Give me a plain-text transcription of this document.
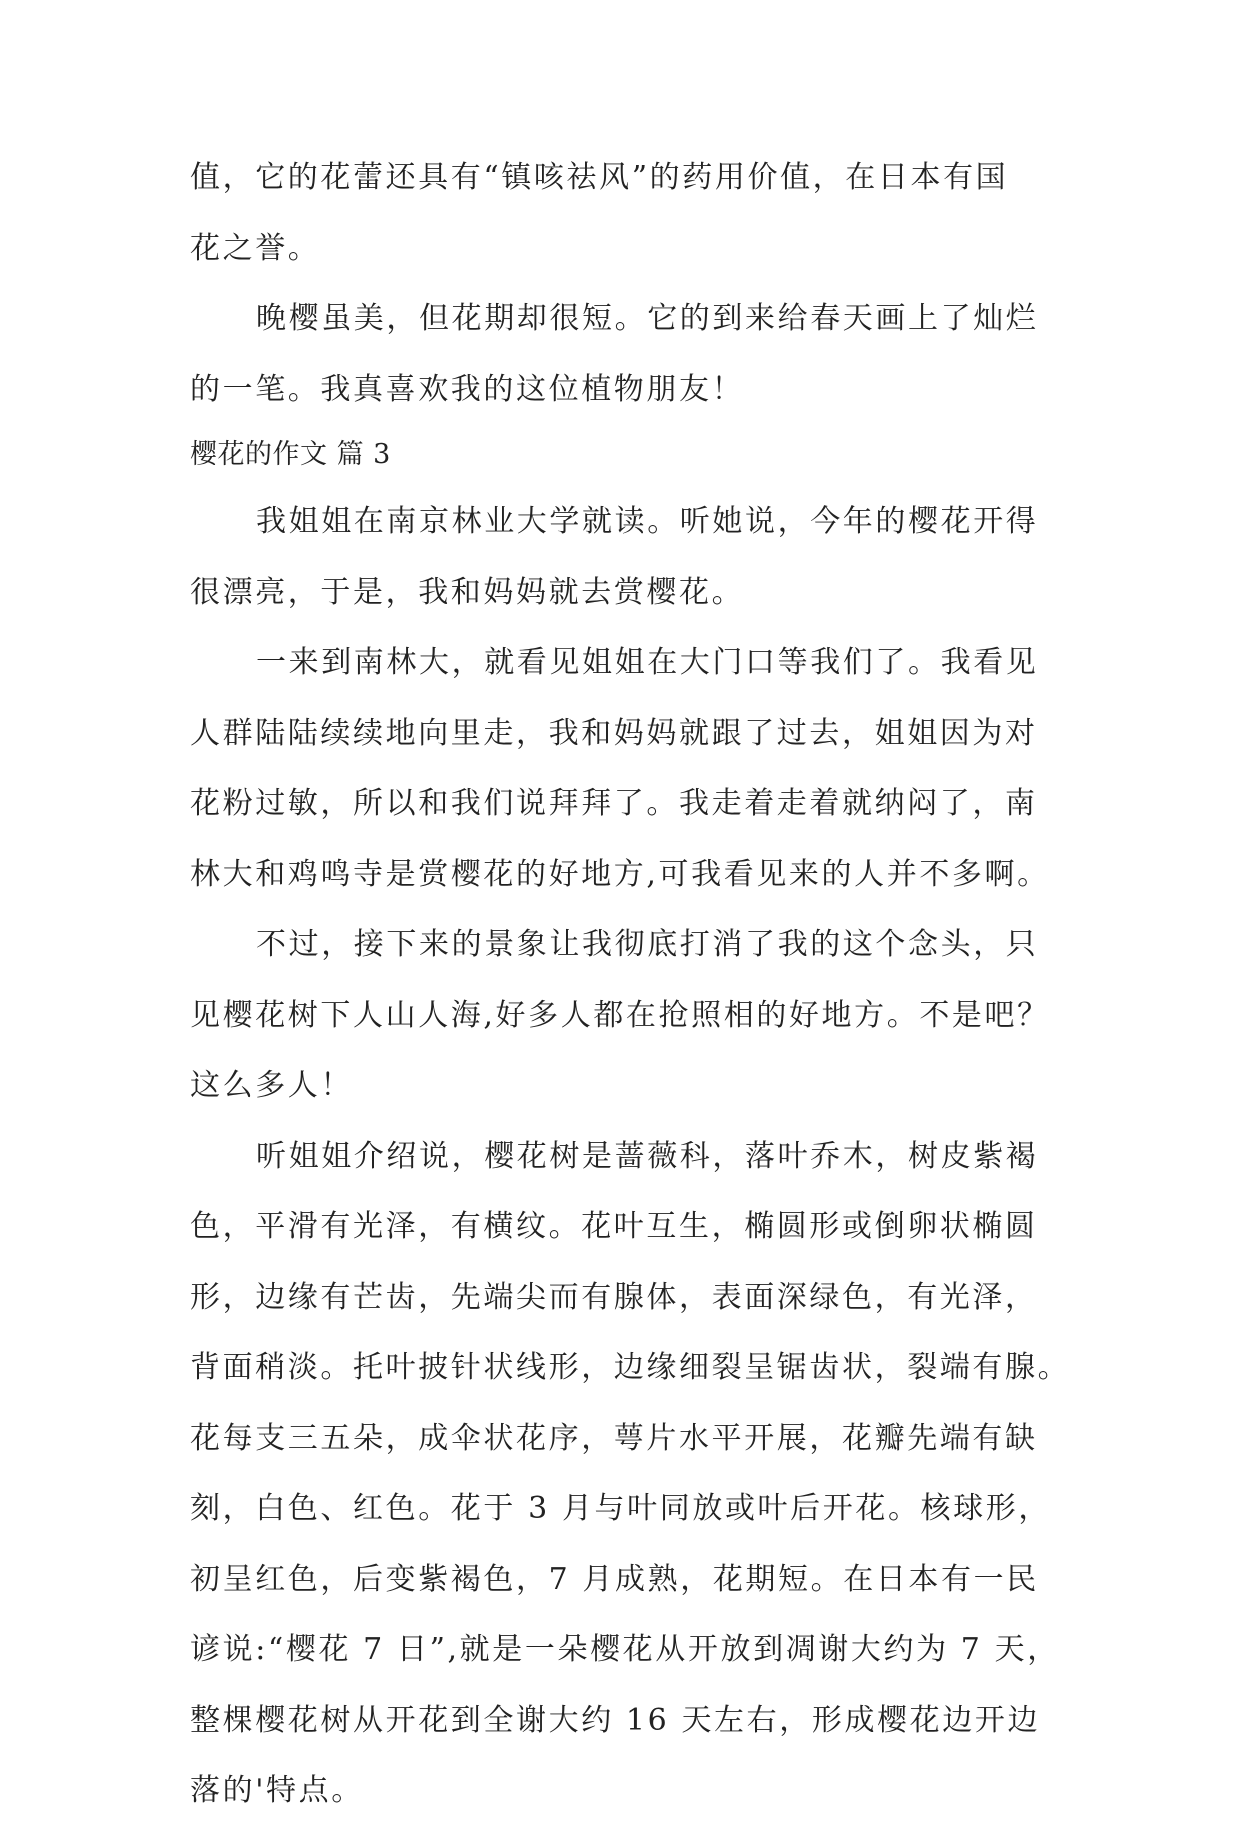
值，它的花蕾还具有“镇咳祛风”的药用价值，在日本有国
花之誉。
晚樱虽美，但花期却很短。它的到来给春天画上了灿烂
的一笔。我真喜欢我的这位植物朋友！
樱花的作文 篇 3
我姐姐在南京林业大学就读。听她说，今年的樱花开得
很漂亮，于是，我和妈妈就去赏樱花。
一来到南林大，就看见姐姐在大门口等我们了。我看见
人群陆陆续续地向里走，我和妈妈就跟了过去，姐姐因为对
花粉过敏，所以和我们说拜拜了。我走着走着就纳闷了，南
林大和鸡鸣寺是赏樱花的好地方,可我看见来的人并不多啊。
不过，接下来的景象让我彻底打消了我的这个念头，只
见樱花树下人山人海,好多人都在抢照相的好地方。不是吧？
这么多人！
听姐姐介绍说，樱花树是蔷薇科，落叶乔木，树皮紫褐
色，平滑有光泽，有横纹。花叶互生，椭圆形或倒卵状椭圆
形，边缘有芒齿，先端尖而有腺体，表面深绿色，有光泽，
背面稍淡。托叶披针状线形，边缘细裂呈锯齿状，裂端有腺。
花每支三五朵，成伞状花序，萼片水平开展，花瓣先端有缺
刻，白色、红色。花于 3 月与叶同放或叶后开花。核球形，
初呈红色，后变紫褐色，7 月成熟，花期短。在日本有一民
谚说:“樱花 7 日”,就是一朵樱花从开放到凋谢大约为 7 天，
整棵樱花树从开花到全谢大约 16 天左右，形成樱花边开边
落的'特点。
